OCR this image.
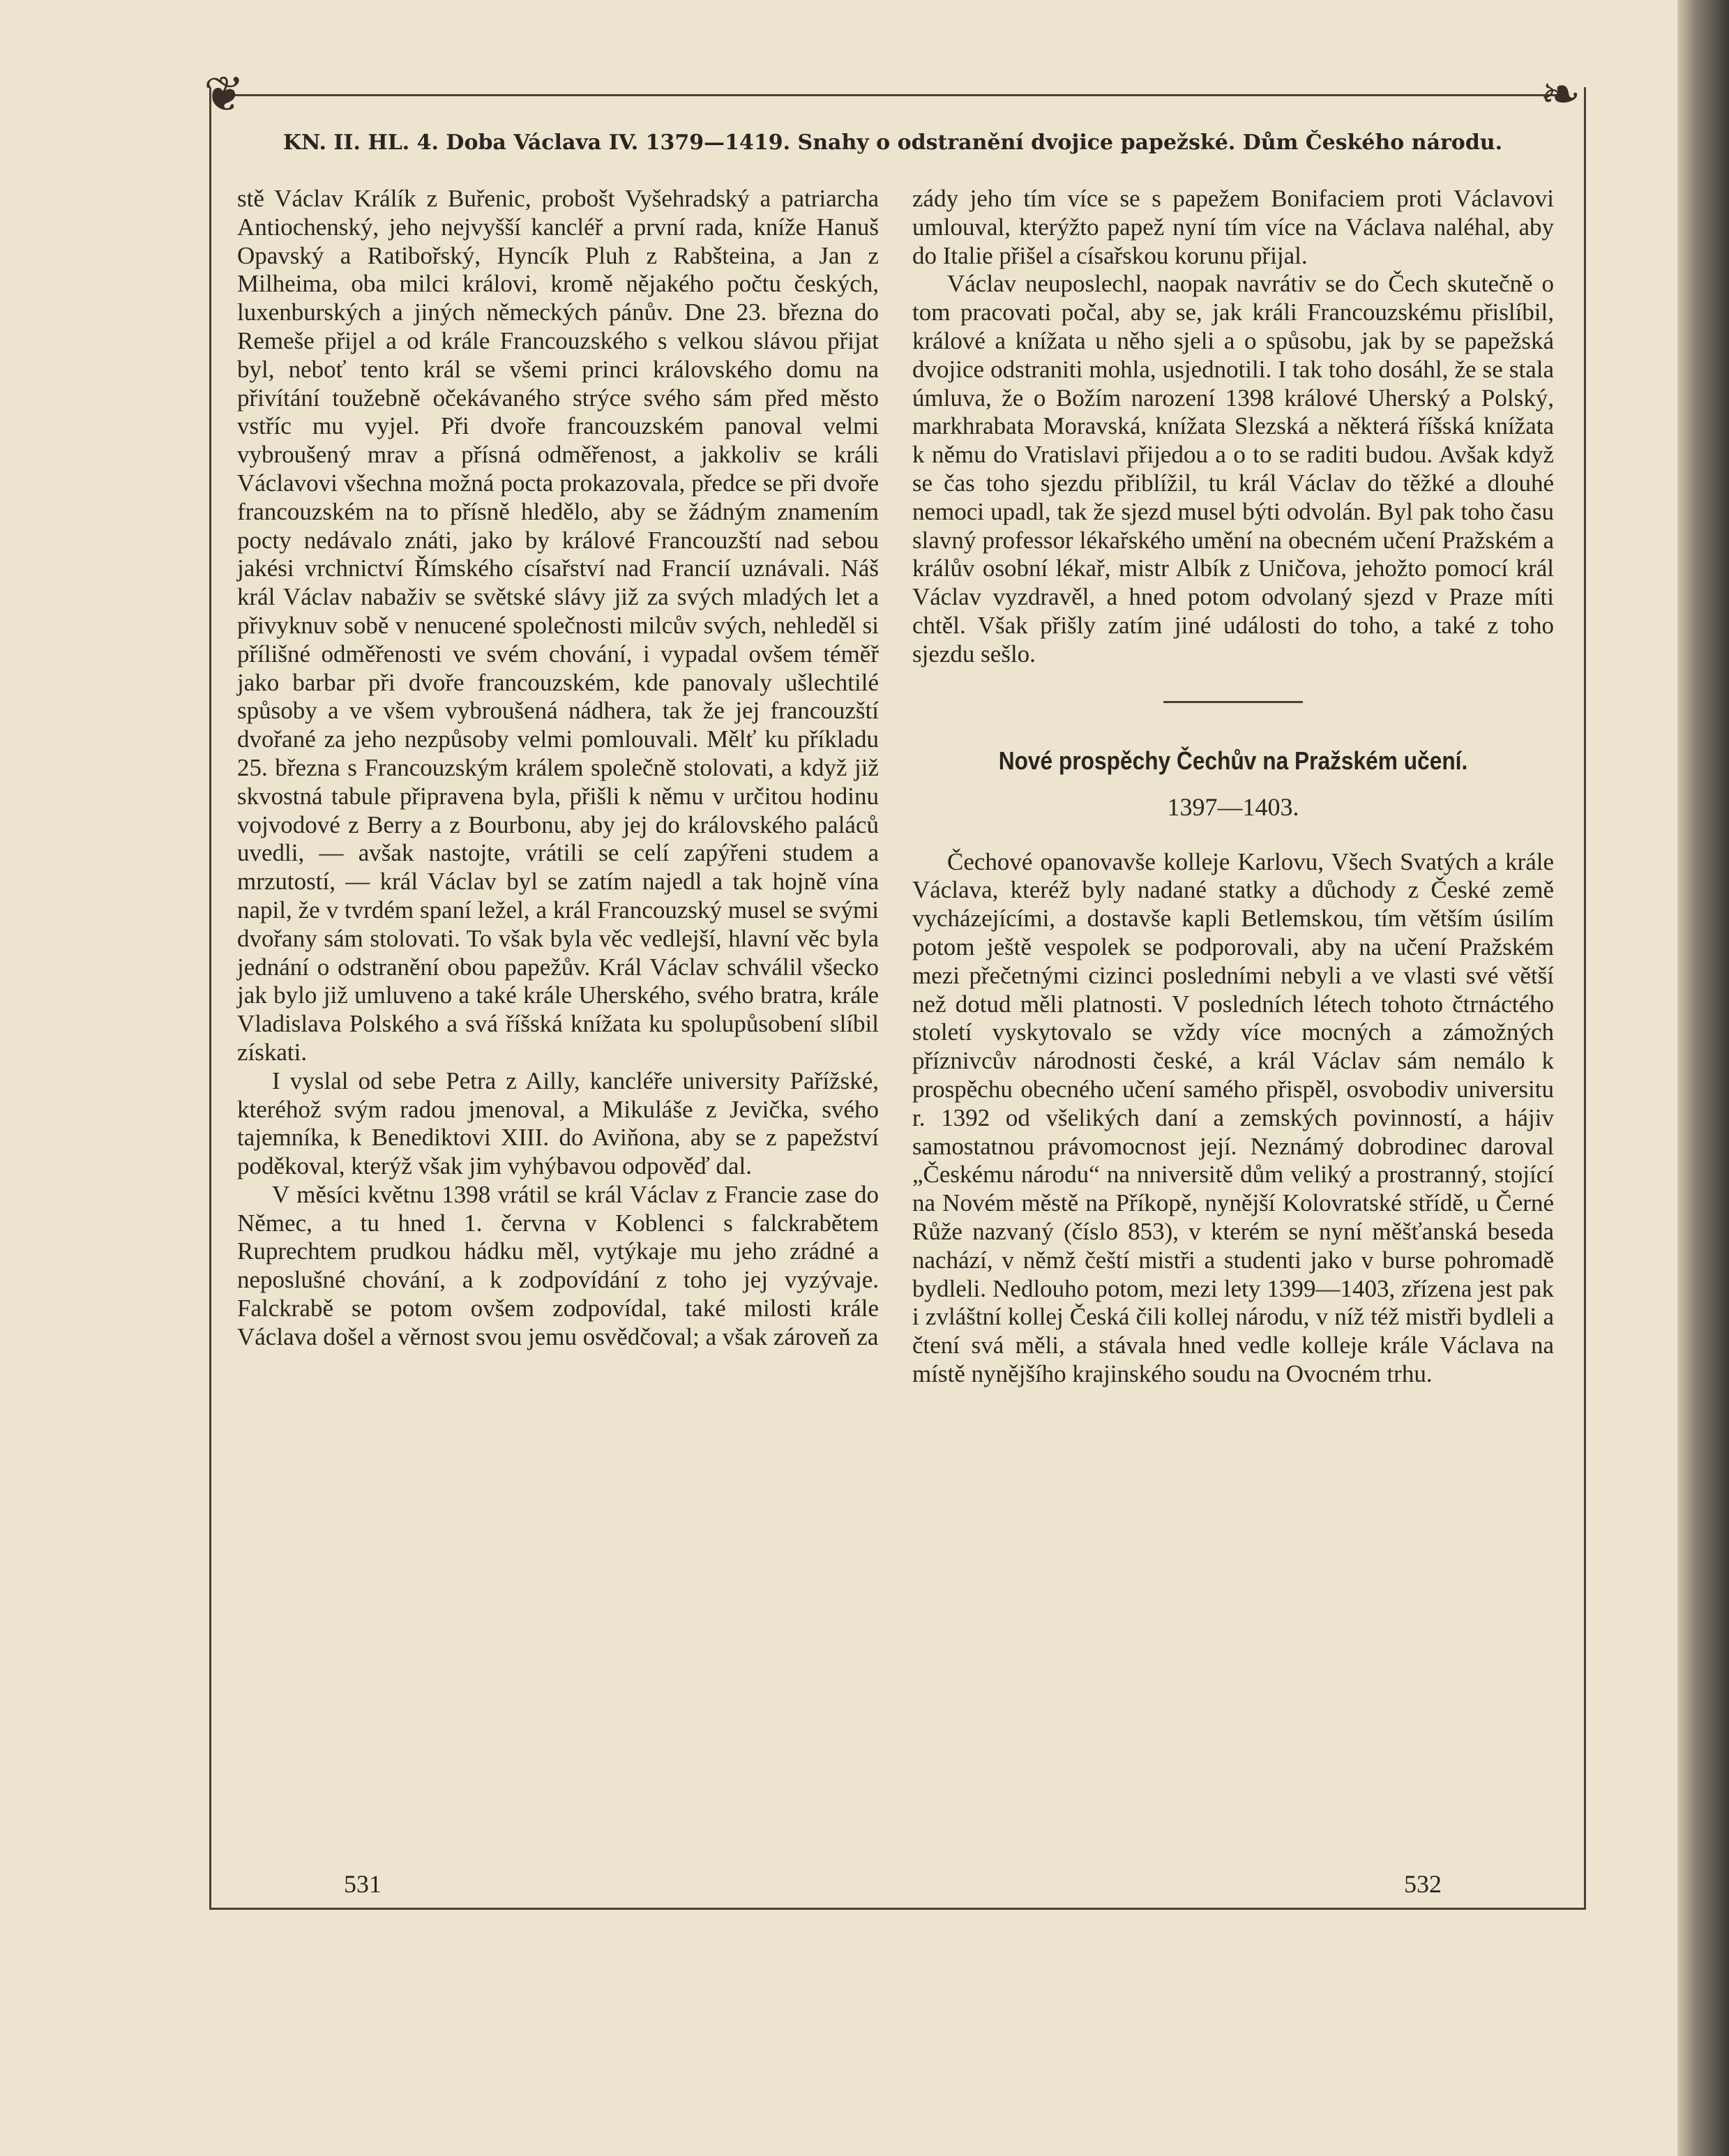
❦	❧
KN. II. HL. 4. Doba Václava IV. 1379—1419. Snahy o odstranění dvojice papežské. Dům Českého národu.

stě Václav Králík z Buřenic, probošt Vyšehradský a patriarcha Antiochenský, jeho nejvyšší kancléř a první rada, kníže Hanuš Opavský a Ratibořský, Hyncík Pluh z Rabšteina, a Jan z Milheima, oba milci královi, kromě nějakého počtu českých, luxenburských a jiných německých pánův. Dne 23. března do Remeše přijel a od krále Francouzského s velkou slávou přijat byl, neboť tento král se všemi princi královského domu na přivítání toužebně očekávaného strýce svého sám před město vstříc mu vyjel. Při dvoře francouzském panoval velmi vybroušený mrav a přísná odměřenost, a jakkoliv se králi Václavovi všechna možná pocta prokazovala, předce se při dvoře francouzském na to přísně hledělo, aby se žádným znamením pocty nedávalo znáti, jako by králové Francouzští nad sebou jakési vrchnictví Římského císařství nad Francií uznávali. Náš král Václav nabaživ se světské slávy již za svých mladých let a přivyknuv sobě v nenucené společnosti milcův svých, nehleděl si přílišné odměřenosti ve svém chování, i vypadal ovšem téměř jako barbar při dvoře francouzském, kde panovaly ušlechtilé spůsoby a ve všem vybroušená nádhera, tak že jej francouzští dvořané za jeho nezpůsoby velmi pomlouvali. Mělť ku příkladu 25. března s Francouzským králem společně stolovati, a když již skvostná tabule připravena byla, přišli k němu v určitou hodinu vojvodové z Berry a z Bourbonu, aby jej do královského paláců uvedli, — avšak nastojte, vrátili se celí zapýřeni studem a mrzutostí, — král Václav byl se zatím najedl a tak hojně vína napil, že v tvrdém spaní ležel, a král Francouzský musel se svými dvořany sám stolovati. To však byla věc vedlejší, hlavní věc byla jednání o odstranění obou papežův. Král Václav schválil všecko jak bylo již umluveno a také krále Uherského, svého bratra, krále Vladislava Polského a svá říšská knížata ku spolupůsobení slíbil získati.

I vyslal od sebe Petra z Ailly, kancléře university Pařížské, kteréhož svým radou jmenoval, a Mikuláše z Jevička, svého tajemníka, k Benediktovi XIII. do Aviňona, aby se z papežství poděkoval, kterýž však jim vyhýbavou odpověď dal.

V měsíci květnu 1398 vrátil se král Václav z Francie zase do Němec, a tu hned 1. června v Koblenci s falckrabětem Ruprechtem prudkou hádku měl, vytýkaje mu jeho zrádné a neposlušné chování, a k zodpovídání z toho jej vyzývaje. Falckrabě se potom ovšem zodpovídal, také milosti krále Václava došel a věrnost svou jemu osvědčoval; a však zároveň za

zády jeho tím více se s papežem Bonifaciem proti Václavovi umlouval, kterýžto papež nyní tím více na Václava naléhal, aby do Italie přišel a císařskou korunu přijal.

Václav neuposlechl, naopak navrátiv se do Čech skutečně o tom pracovati počal, aby se, jak králi Francouzskému přislíbil, králové a knížata u něho sjeli a o spůsobu, jak by se papežská dvojice odstraniti mohla, usjednotili. I tak toho dosáhl, že se stala úmluva, že o Božím narození 1398 králové Uherský a Polský, markhrabata Moravská, knížata Slezská a některá říšská knížata k němu do Vratislavi přijedou a o to se raditi budou. Avšak když se čas toho sjezdu přiblížil, tu král Václav do těžké a dlouhé nemoci upadl, tak že sjezd musel býti odvolán. Byl pak toho času slavný professor lékařského umění na obecném učení Pražském a králův osobní lékař, mistr Albík z Uničova, jehožto pomocí král Václav vyzdravěl, a hned potom odvolaný sjezd v Praze míti chtěl. Však přišly zatím jiné události do toho, a také z toho sjezdu sešlo.

Nové prospěchy Čechův na Pražském učení.
1397—1403.

Čechové opanovavše kolleje Karlovu, Všech Svatých a krále Václava, kteréž byly nadané statky a důchody z České země vycházejícími, a dostavše kapli Betlemskou, tím větším úsilím potom ještě vespolek se podporovali, aby na učení Pražském mezi přečetnými cizinci posledními nebyli a ve vlasti své větší než dotud měli platnosti. V posledních létech tohoto čtrnáctého století vyskytovalo se vždy více mocných a zámožných příznivcův národnosti české, a král Václav sám nemálo k prospěchu obecného učení samého přispěl, osvobodiv universitu r. 1392 od všelikých daní a zemských povinností, a hájiv samostatnou právomocnost její. Neznámý dobrodinec daroval „Českému národu“ na nniversitě dům veliký a prostranný, stojící na Novém městě na Příkopě, nynější Kolovratské střídě, u Černé Růže nazvaný (číslo 853), v kterém se nyní měšťanská beseda nachází, v němž čeští mistři a studenti jako v burse pohromadě bydleli. Nedlouho potom, mezi lety 1399—1403, zřízena jest pak i zvláštní kollej Česká čili kollej národu, v níž též mistři bydleli a čtení svá měli, a stávala hned vedle kolleje krále Václava na místě nynějšího krajinského soudu na Ovocném trhu.

531	532
